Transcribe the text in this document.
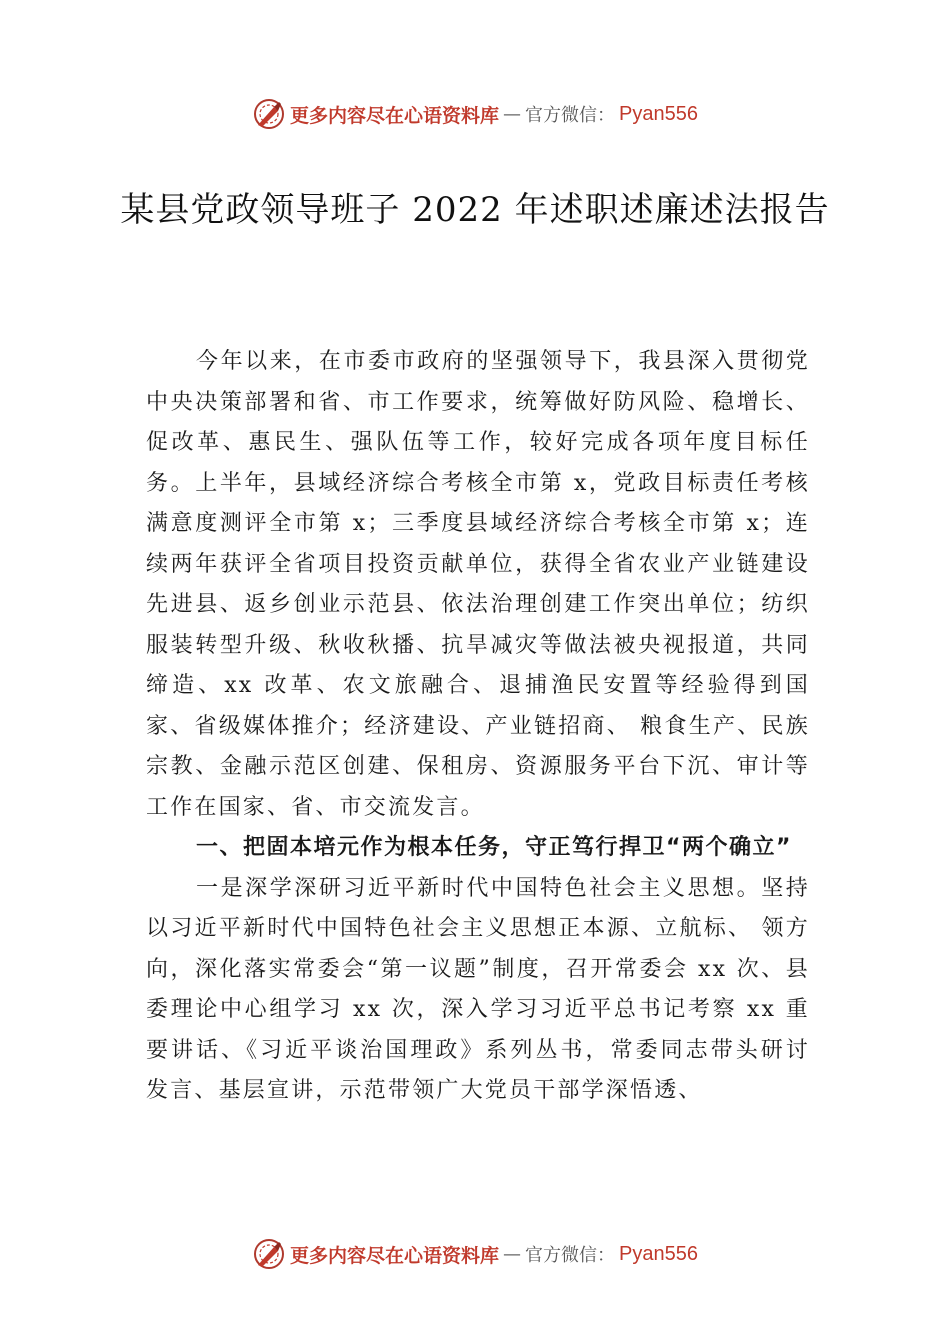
更多内容尽在心语资料库 — 官方微信： Pyan556
某县党政领导班子 2022 年述职述廉述法报告

今年以来，在市委市政府的坚强领导下，我县深入贯彻党中央决策部署和省、市工作要求，统筹做好防风险、稳增长、促改革、惠民生、强队伍等工作，较好完成各项年度目标任务。上半年，县域经济综合考核全市第 x，党政目标责任考核满意度测评全市第 x；三季度县域经济综合考核全市第 x；连续两年获评全省项目投资贡献单位，获得全省农业产业链建设先进县、返乡创业示范县、依法治理创建工作突出单位；纺织服装转型升级、秋收秋播、抗旱减灾等做法被央视报道，共同缔造、xx 改革、农文旅融合、退捕渔民安置等经验得到国家、省级媒体推介；经济建设、产业链招商、 粮食生产、民族宗教、金融示范区创建、保租房、资源服务平台下沉、审计等工作在国家、省、市交流发言。

一、把固本培元作为根本任务，守正笃行捍卫“两个确立”

一是深学深研习近平新时代中国特色社会主义思想。坚持以习近平新时代中国特色社会主义思想正本源、立航标、 领方向，深化落实常委会“第一议题”制度，召开常委会 xx 次、县委理论中心组学习 xx 次，深入学习习近平总书记考察 xx 重要讲话、《习近平谈治国理政》系列丛书，常委同志带头研讨发言、基层宣讲，示范带领广大党员干部学深悟透、

更多内容尽在心语资料库 — 官方微信： Pyan556
